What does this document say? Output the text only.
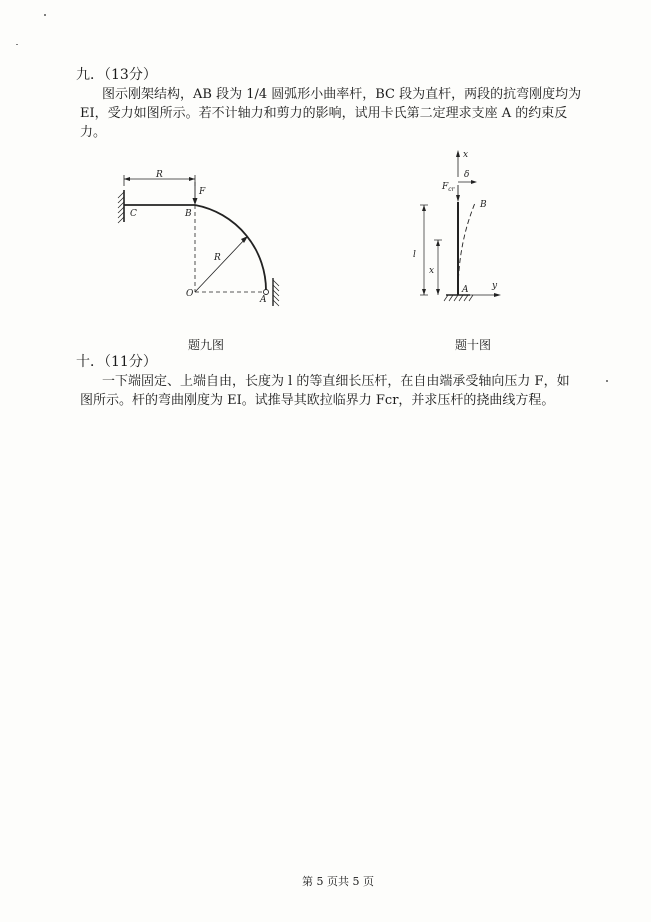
九．（13分）
图示刚架结构，AB 段为 1/4 圆弧形小曲率杆，BC 段为直杆，两段的抗弯刚度均为
EI，受力如图所示。若不计轴力和剪力的影响，试用卡氏第二定理求支座 A 的约束反
力。
R
F
C	B
R
O
A
x
δ
$F_{cr}$
B
l
x
A	y
题九图	题十图
十．（11分）
一下端固定、上端自由，长度为 l 的等直细长压杆，在自由端承受轴向压力 F，如
图所示。杆的弯曲刚度为 EI。试推导其欧拉临界力 Fcr，并求压杆的挠曲线方程。
第 5 页共 5 页
